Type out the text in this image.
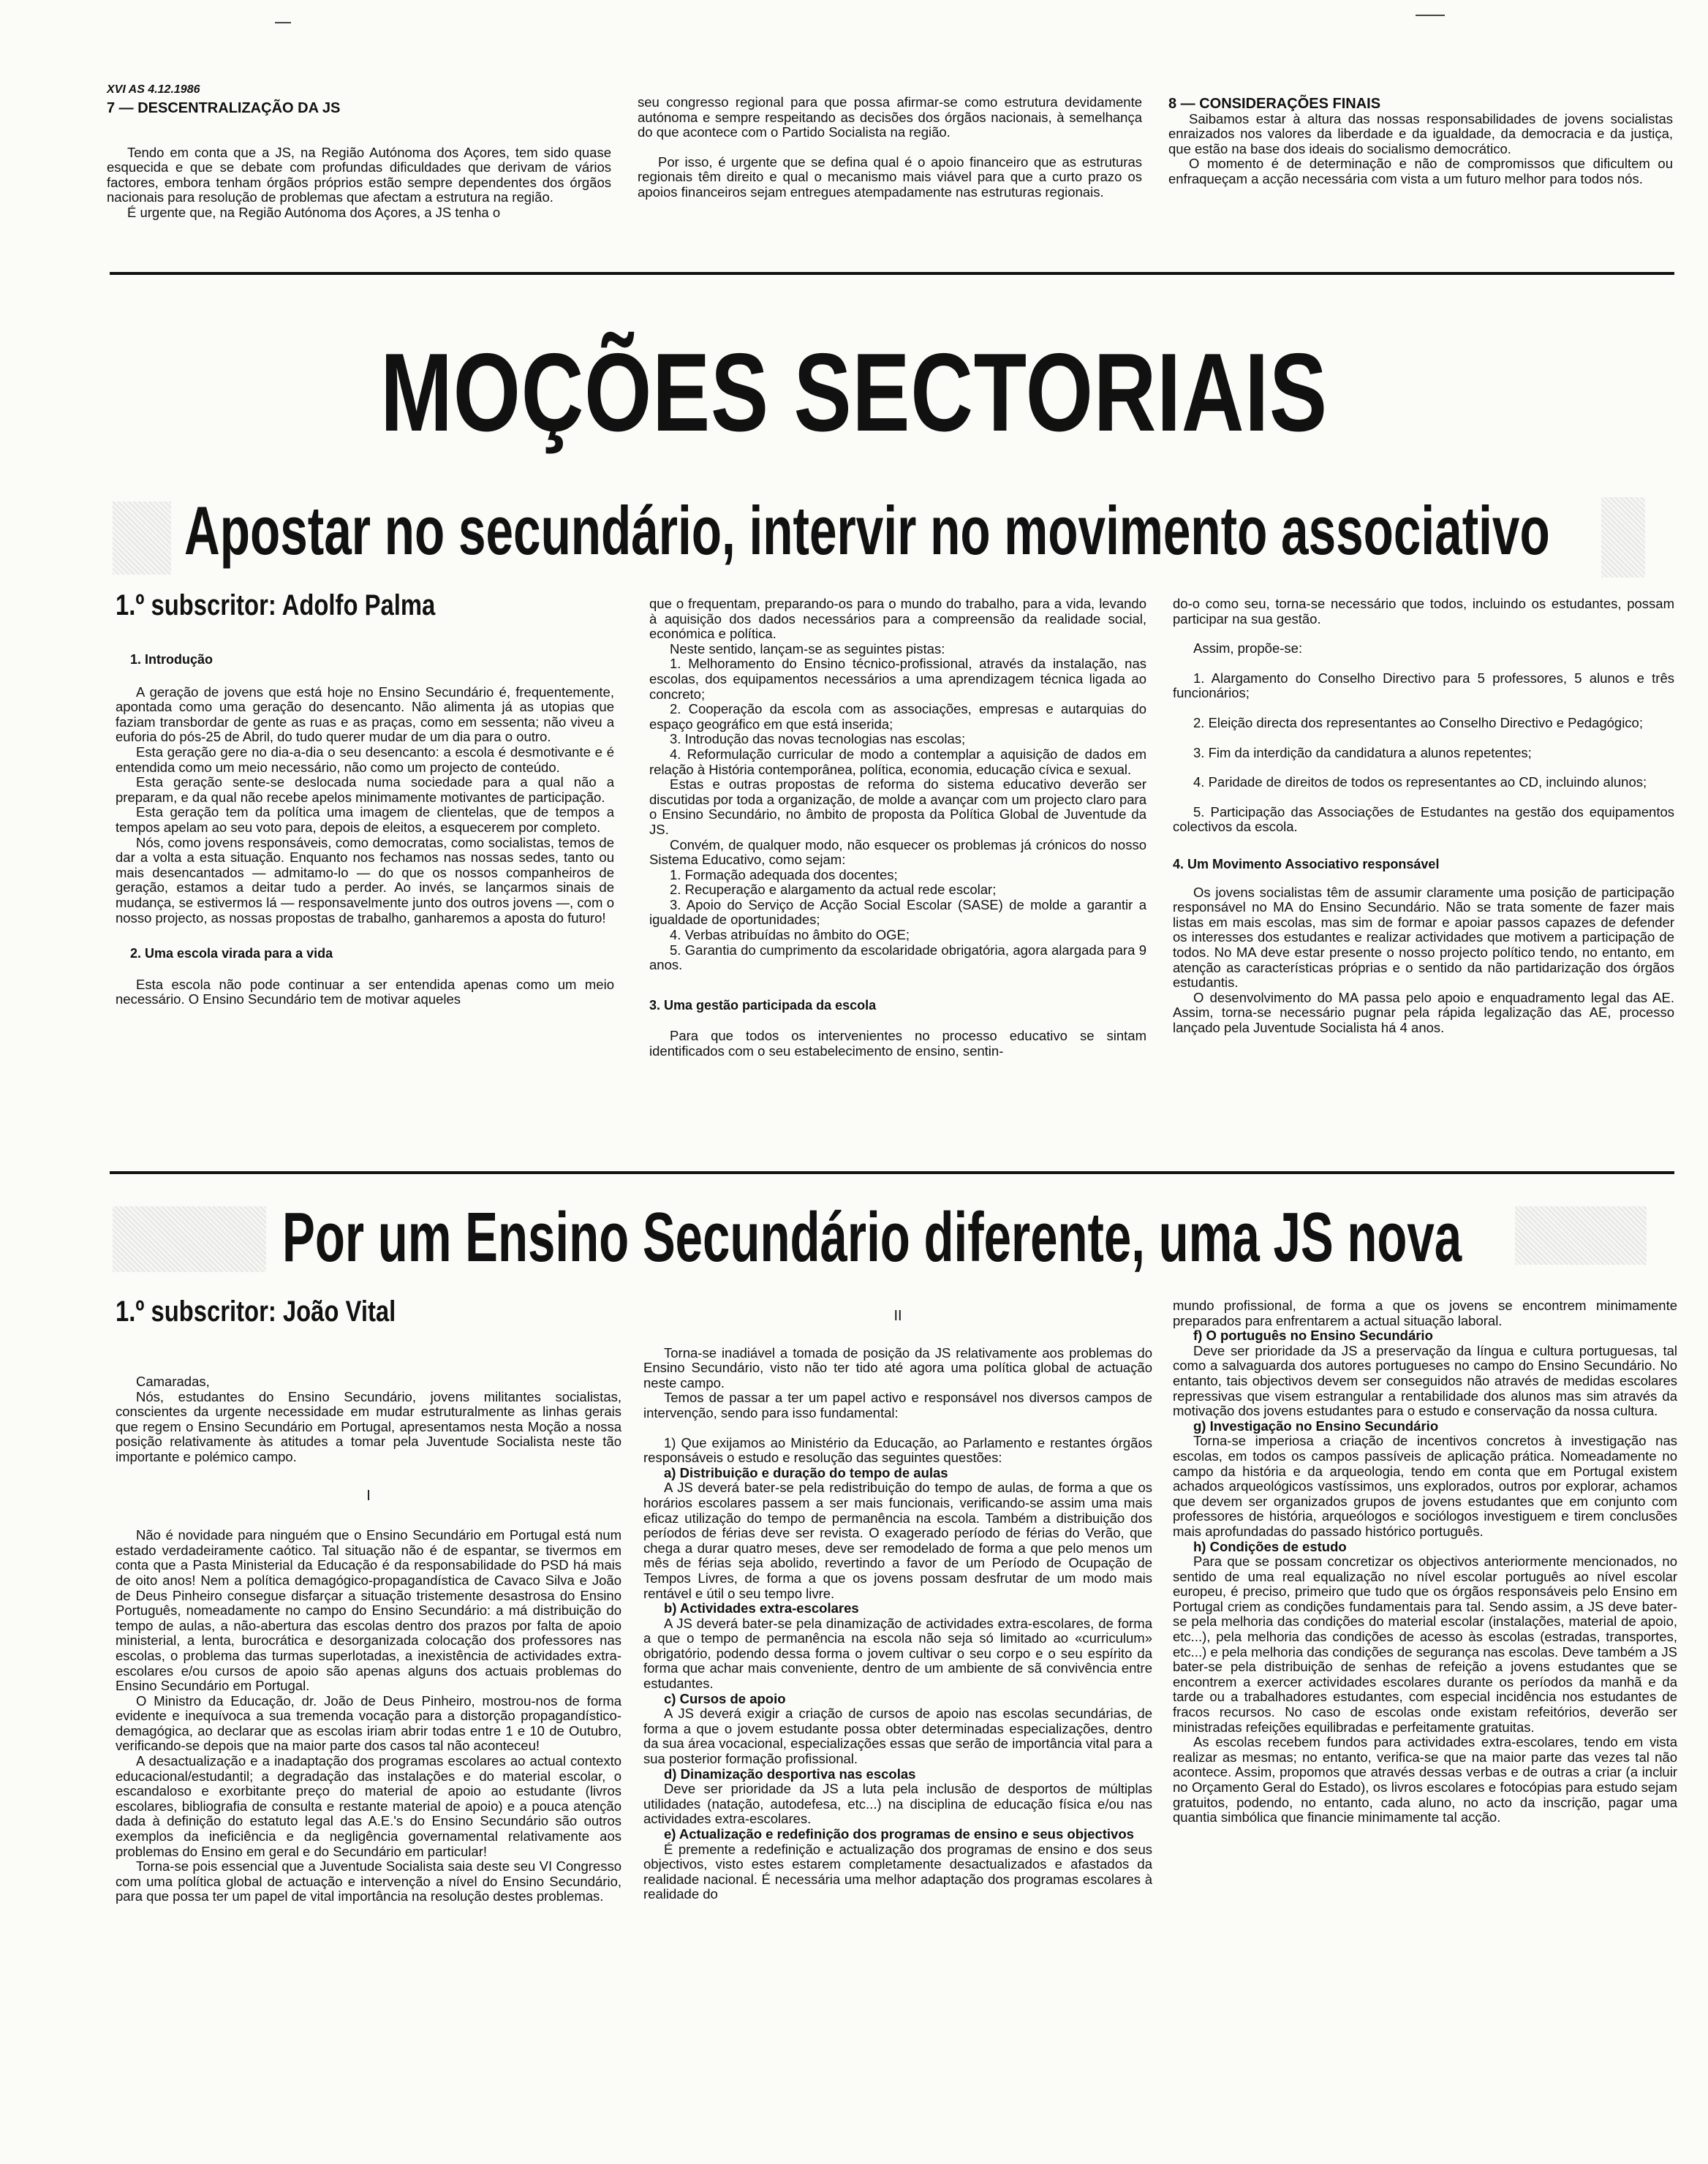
XVI AS 4.12.1986
7 — DESCENTRALIZAÇÃO DA JS

Tendo em conta que a JS, na Região Autónoma dos Açores, tem sido quase esquecida e que se debate com profundas dificuldades que derivam de vários factores, embora tenham órgãos próprios estão sempre dependentes dos órgãos nacionais para resolução de problemas que afectam a estrutura na região.

É urgente que, na Região Autónoma dos Açores, a JS tenha o

seu congresso regional para que possa afirmar-se como estrutura devidamente autónoma e sempre respeitando as decisões dos órgãos nacionais, à semelhança do que acontece com o Partido Socialista na região.

Por isso, é urgente que se defina qual é o apoio financeiro que as estruturas regionais têm direito e qual o mecanismo mais viável para que a curto prazo os apoios financeiros sejam entregues atempadamente nas estruturas regionais.

8 — CONSIDERAÇÕES FINAIS

Saibamos estar à altura das nossas responsabilidades de jovens socialistas enraizados nos valores da liberdade e da igualdade, da democracia e da justiça, que estão na base dos ideais do socialismo democrático.

O momento é de determinação e não de compromissos que dificultem ou enfraqueçam a acção necessária com vista a um futuro melhor para todos nós.

MOÇÕES SECTORIAIS
Apostar no secundário, intervir no movimento associativo
1.º subscritor: Adolfo Palma
1. Introdução

A geração de jovens que está hoje no Ensino Secundário é, frequentemente, apontada como uma geração do desencanto. Não alimenta já as utopias que faziam transbordar de gente as ruas e as praças, como em sessenta; não viveu a euforia do pós-25 de Abril, do tudo querer mudar de um dia para o outro.

Esta geração gere no dia-a-dia o seu desencanto: a escola é desmotivante e é entendida como um meio necessário, não como um projecto de conteúdo.

Esta geração sente-se deslocada numa sociedade para a qual não a preparam, e da qual não recebe apelos minimamente motivantes de participação.

Esta geração tem da política uma imagem de clientelas, que de tempos a tempos apelam ao seu voto para, depois de eleitos, a esquecerem por completo.

Nós, como jovens responsáveis, como democratas, como socialistas, temos de dar a volta a esta situação. Enquanto nos fechamos nas nossas sedes, tanto ou mais desencantados — admitamo-lo — do que os nossos companheiros de geração, estamos a deitar tudo a perder. Ao invés, se lançarmos sinais de mudança, se estivermos lá — responsavelmente junto dos outros jovens —, com o nosso projecto, as nossas propostas de trabalho, ganharemos a aposta do futuro!

2. Uma escola virada para a vida

Esta escola não pode continuar a ser entendida apenas como um meio necessário. O Ensino Secundário tem de motivar aqueles

que o frequentam, preparando-os para o mundo do trabalho, para a vida, levando à aquisição dos dados necessários para a compreensão da realidade social, económica e política.

Neste sentido, lançam-se as seguintes pistas:

1. Melhoramento do Ensino técnico-profissional, através da instalação, nas escolas, dos equipamentos necessários a uma aprendizagem técnica ligada ao concreto;

2. Cooperação da escola com as associações, empresas e autarquias do espaço geográfico em que está inserida;

3. Introdução das novas tecnologias nas escolas;

4. Reformulação curricular de modo a contemplar a aquisição de dados em relação à História contemporânea, política, economia, educação cívica e sexual.

Estas e outras propostas de reforma do sistema educativo deverão ser discutidas por toda a organização, de molde a avançar com um projecto claro para o Ensino Secundário, no âmbito de proposta da Política Global de Juventude da JS.

Convém, de qualquer modo, não esquecer os problemas já crónicos do nosso Sistema Educativo, como sejam:

1. Formação adequada dos docentes;

2. Recuperação e alargamento da actual rede escolar;

3. Apoio do Serviço de Acção Social Escolar (SASE) de molde a garantir a igualdade de oportunidades;

4. Verbas atribuídas no âmbito do OGE;

5. Garantia do cumprimento da escolaridade obrigatória, agora alargada para 9 anos.

3. Uma gestão participada da escola

Para que todos os intervenientes no processo educativo se sintam identificados com o seu estabelecimento de ensino, sentin-

do-o como seu, torna-se necessário que todos, incluindo os estudantes, possam participar na sua gestão.

Assim, propõe-se:

1. Alargamento do Conselho Directivo para 5 professores, 5 alunos e três funcionários;

2. Eleição directa dos representantes ao Conselho Directivo e Pedagógico;

3. Fim da interdição da candidatura a alunos repetentes;

4. Paridade de direitos de todos os representantes ao CD, incluindo alunos;

5. Participação das Associações de Estudantes na gestão dos equipamentos colectivos da escola.

4. Um Movimento Associativo responsável

Os jovens socialistas têm de assumir claramente uma posição de participação responsável no MA do Ensino Secundário. Não se trata somente de fazer mais listas em mais escolas, mas sim de formar e apoiar passos capazes de defender os interesses dos estudantes e realizar actividades que motivem a participação de todos. No MA deve estar presente o nosso projecto político tendo, no entanto, em atenção as características próprias e o sentido da não partidarização dos órgãos estudantis.

O desenvolvimento do MA passa pelo apoio e enquadramento legal das AE. Assim, torna-se necessário pugnar pela rápida legalização das AE, processo lançado pela Juventude Socialista há 4 anos.

Por um Ensino Secundário diferente, uma JS nova
1.º subscritor: João Vital

Camaradas,

Nós, estudantes do Ensino Secundário, jovens militantes socialistas, conscientes da urgente necessidade em mudar estruturalmente as linhas gerais que regem o Ensino Secundário em Portugal, apresentamos nesta Moção a nossa posição relativamente às atitudes a tomar pela Juventude Socialista neste tão importante e polémico campo.

I

Não é novidade para ninguém que o Ensino Secundário em Portugal está num estado verdadeiramente caótico. Tal situação não é de espantar, se tivermos em conta que a Pasta Ministerial da Educação é da responsabilidade do PSD há mais de oito anos! Nem a política demagógico-propagandística de Cavaco Silva e João de Deus Pinheiro consegue disfarçar a situação tristemente desastrosa do Ensino Português, nomeadamente no campo do Ensino Secundário: a má distribuição do tempo de aulas, a não-abertura das escolas dentro dos prazos por falta de apoio ministerial, a lenta, burocrática e desorganizada colocação dos professores nas escolas, o problema das turmas superlotadas, a inexistência de actividades extra-escolares e/ou cursos de apoio são apenas alguns dos actuais problemas do Ensino Secundário em Portugal.

O Ministro da Educação, dr. João de Deus Pinheiro, mostrou-nos de forma evidente e inequívoca a sua tremenda vocação para a distorção propagandístico-demagógica, ao declarar que as escolas iriam abrir todas entre 1 e 10 de Outubro, verificando-se depois que na maior parte dos casos tal não aconteceu!

A desactualização e a inadaptação dos programas escolares ao actual contexto educacional/estudantil; a degradação das instalações e do material escolar, o escandaloso e exorbitante preço do material de apoio ao estudante (livros escolares, bibliografia de consulta e restante material de apoio) e a pouca atenção dada à definição do estatuto legal das A.E.'s do Ensino Secundário são outros exemplos da ineficiência e da negligência governamental relativamente aos problemas do Ensino em geral e do Secundário em particular!

Torna-se pois essencial que a Juventude Socialista saia deste seu VI Congresso com uma política global de actuação e intervenção a nível do Ensino Secundário, para que possa ter um papel de vital importância na resolução destes problemas.

II

Torna-se inadiável a tomada de posição da JS relativamente aos problemas do Ensino Secundário, visto não ter tido até agora uma política global de actuação neste campo.

Temos de passar a ter um papel activo e responsável nos diversos campos de intervenção, sendo para isso fundamental:

1) Que exijamos ao Ministério da Educação, ao Parlamento e restantes órgãos responsáveis o estudo e resolução das seguintes questões:

a) Distribuição e duração do tempo de aulas

A JS deverá bater-se pela redistribuição do tempo de aulas, de forma a que os horários escolares passem a ser mais funcionais, verificando-se assim uma mais eficaz utilização do tempo de permanência na escola. Também a distribuição dos períodos de férias deve ser revista. O exagerado período de férias do Verão, que chega a durar quatro meses, deve ser remodelado de forma a que pelo menos um mês de férias seja abolido, revertindo a favor de um Período de Ocupação de Tempos Livres, de forma a que os jovens possam desfrutar de um modo mais rentável e útil o seu tempo livre.

b) Actividades extra-escolares

A JS deverá bater-se pela dinamização de actividades extra-escolares, de forma a que o tempo de permanência na escola não seja só limitado ao «curriculum» obrigatório, podendo dessa forma o jovem cultivar o seu corpo e o seu espírito da forma que achar mais conveniente, dentro de um ambiente de sã convivência entre estudantes.

c) Cursos de apoio

A JS deverá exigir a criação de cursos de apoio nas escolas secundárias, de forma a que o jovem estudante possa obter determinadas especializações, dentro da sua área vocacional, especializações essas que serão de importância vital para a sua posterior formação profissional.

d) Dinamização desportiva nas escolas

Deve ser prioridade da JS a luta pela inclusão de desportos de múltiplas utilidades (natação, autodefesa, etc...) na disciplina de educação física e/ou nas actividades extra-escolares.

e) Actualização e redefinição dos programas de ensino e seus objectivos

É premente a redefinição e actualização dos programas de ensino e dos seus objectivos, visto estes estarem completamente desactualizados e afastados da realidade nacional. É necessária uma melhor adaptação dos programas escolares à realidade do

mundo profissional, de forma a que os jovens se encontrem minimamente preparados para enfrentarem a actual situação laboral.

f) O português no Ensino Secundário

Deve ser prioridade da JS a preservação da língua e cultura portuguesas, tal como a salvaguarda dos autores portugueses no campo do Ensino Secundário. No entanto, tais objectivos devem ser conseguidos não através de medidas escolares repressivas que visem estrangular a rentabilidade dos alunos mas sim através da motivação dos jovens estudantes para o estudo e conservação da nossa cultura.

g) Investigação no Ensino Secundário

Torna-se imperiosa a criação de incentivos concretos à investigação nas escolas, em todos os campos passíveis de aplicação prática. Nomeadamente no campo da história e da arqueologia, tendo em conta que em Portugal existem achados arqueológicos vastíssimos, uns explorados, outros por explorar, achamos que devem ser organizados grupos de jovens estudantes que em conjunto com professores de história, arqueólogos e sociólogos investiguem e tirem conclusões mais aprofundadas do passado histórico português.

h) Condições de estudo

Para que se possam concretizar os objectivos anteriormente mencionados, no sentido de uma real equalização no nível escolar português ao nível escolar europeu, é preciso, primeiro que tudo que os órgãos responsáveis pelo Ensino em Portugal criem as condições fundamentais para tal. Sendo assim, a JS deve bater-se pela melhoria das condições do material escolar (instalações, material de apoio, etc...), pela melhoria das condições de acesso às escolas (estradas, transportes, etc...) e pela melhoria das condições de segurança nas escolas. Deve também a JS bater-se pela distribuição de senhas de refeição a jovens estudantes que se encontrem a exercer actividades escolares durante os períodos da manhã e da tarde ou a trabalhadores estudantes, com especial incidência nos estudantes de fracos recursos. No caso de escolas onde existam refeitórios, deverão ser ministradas refeições equilibradas e perfeitamente gratuitas.

As escolas recebem fundos para actividades extra-escolares, tendo em vista realizar as mesmas; no entanto, verifica-se que na maior parte das vezes tal não acontece. Assim, propomos que através dessas verbas e de outras a criar (a incluir no Orçamento Geral do Estado), os livros escolares e fotocópias para estudo sejam gratuitos, podendo, no entanto, cada aluno, no acto da inscrição, pagar uma quantia simbólica que financie minimamente tal acção.
